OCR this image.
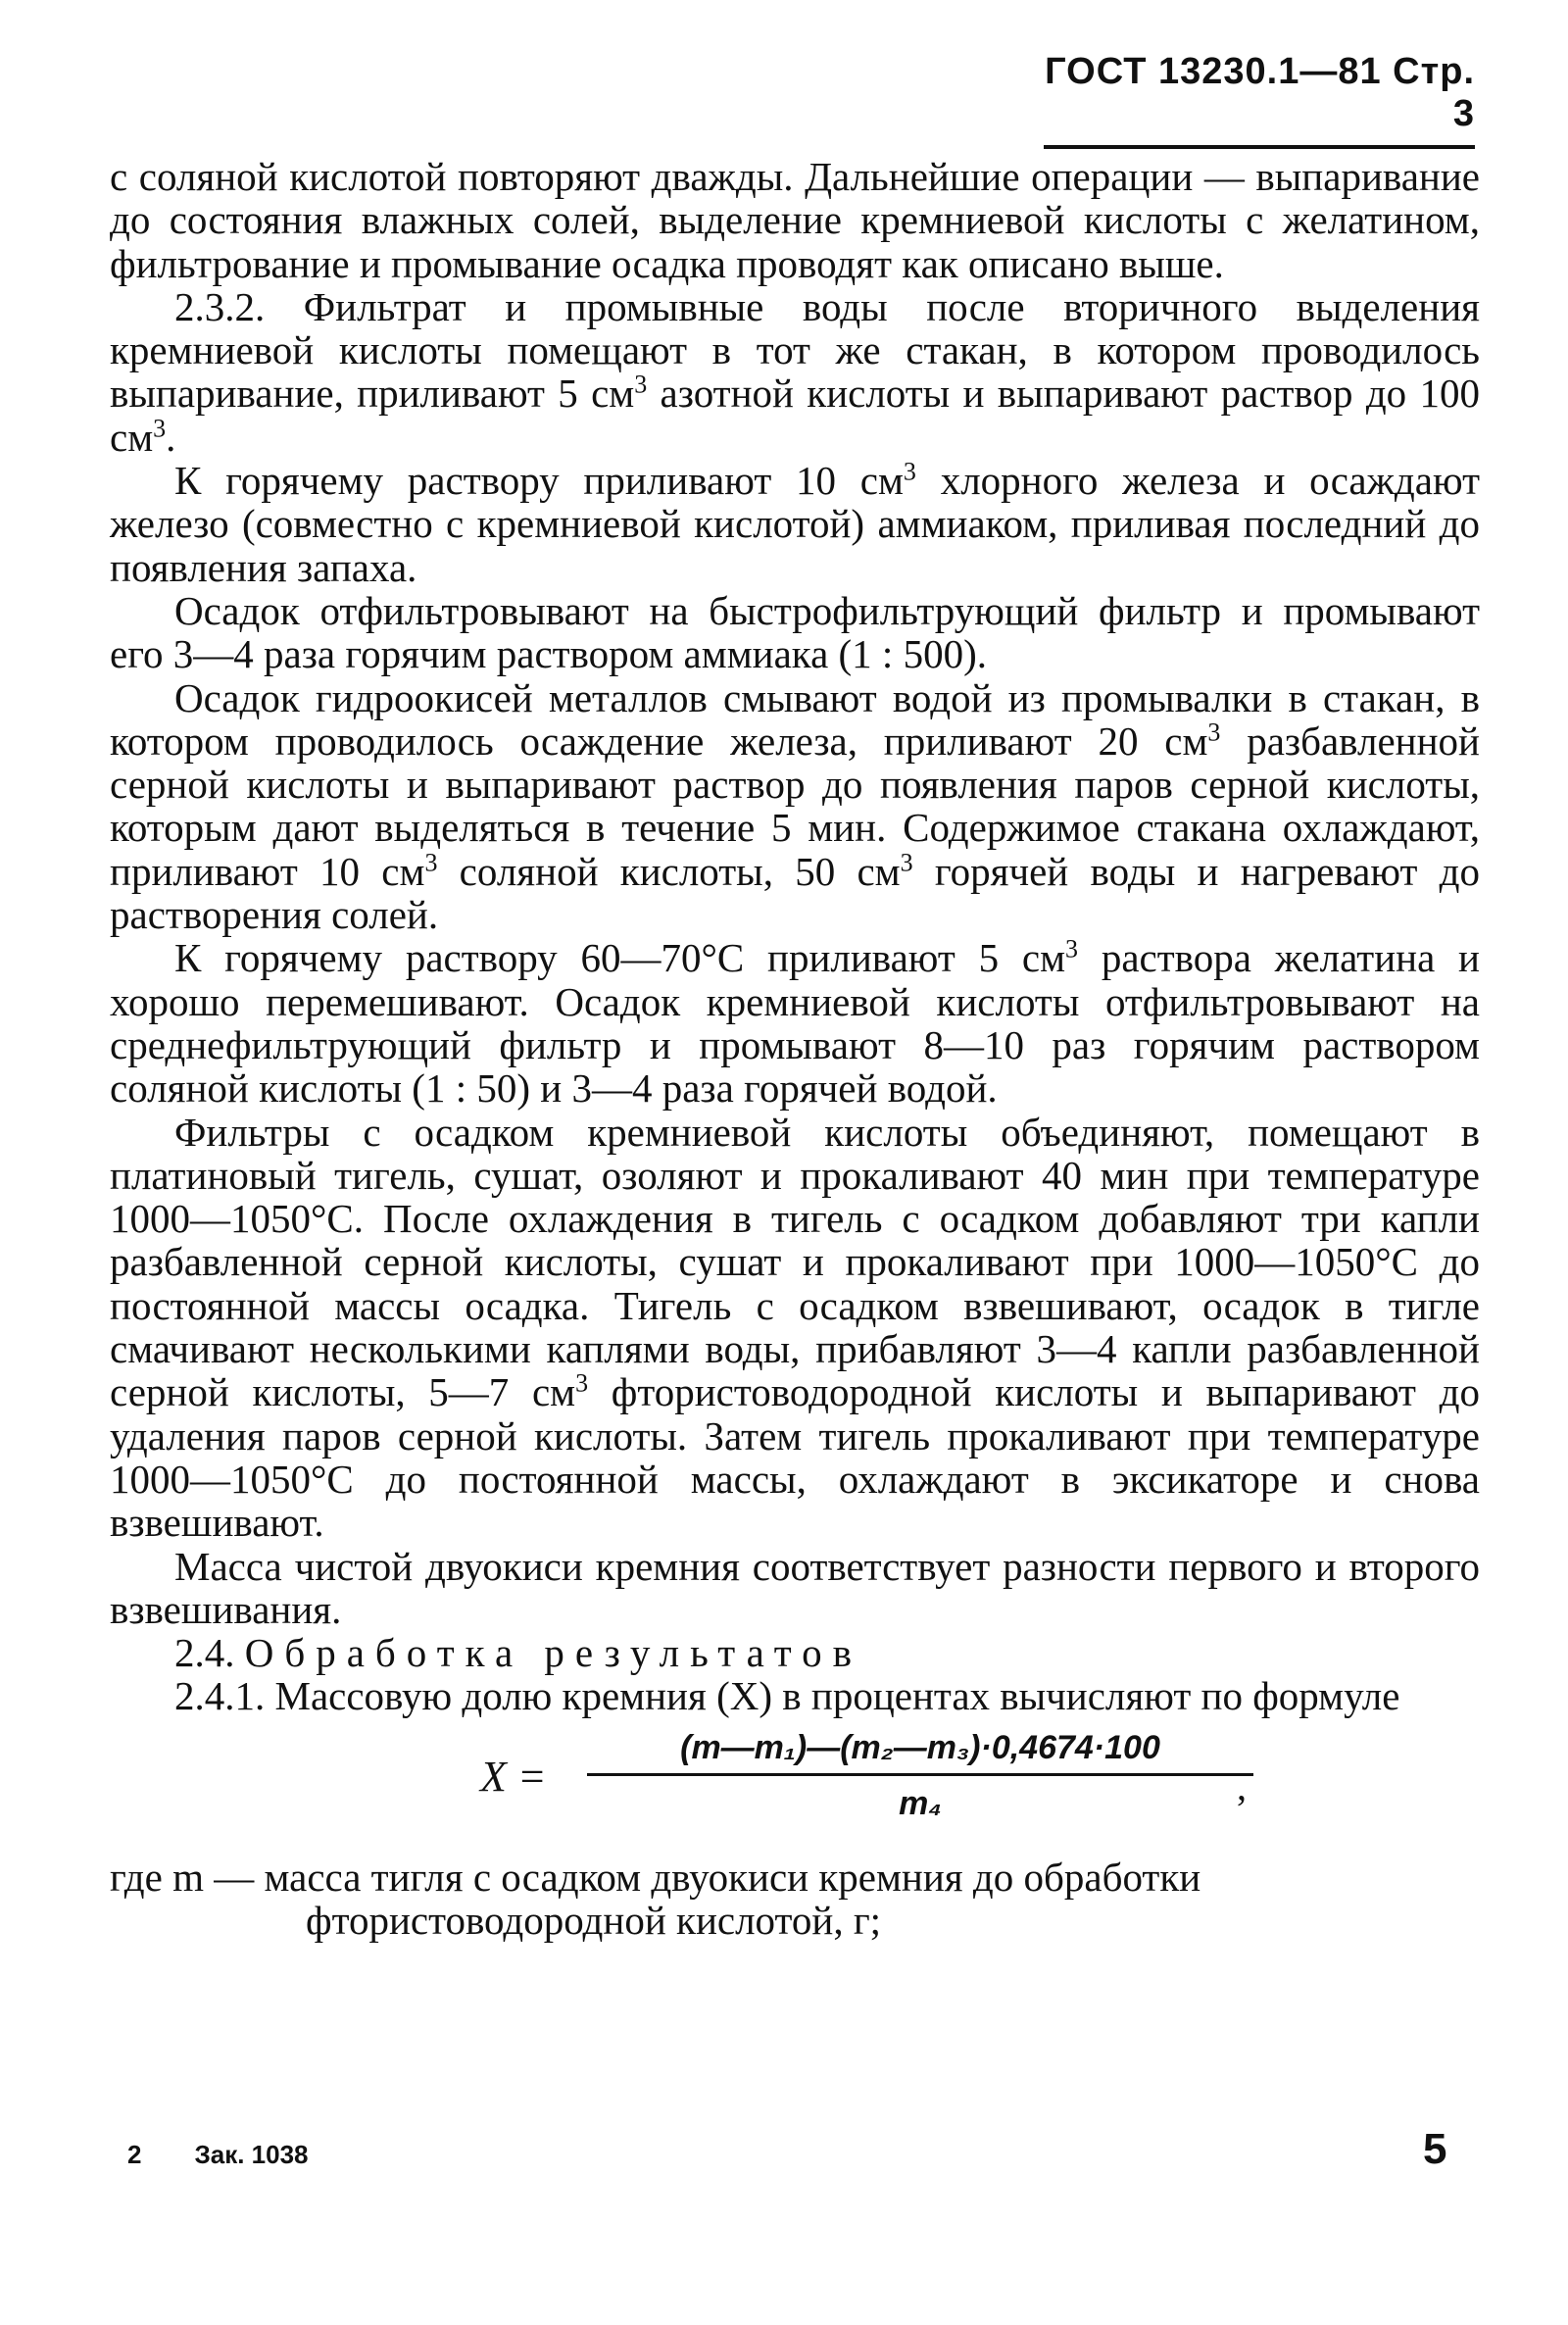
ГОСТ 13230.1—81 Стр. 3

с соляной кислотой повторяют дважды. Дальнейшие операции — выпаривание до состояния влажных солей, выделение кремниевой кислоты с желатином, фильтрование и промывание осадка проводят как описано выше.

2.3.2. Фильтрат и промывные воды после вторичного выделения кремниевой кислоты помещают в тот же стакан, в котором проводилось выпаривание, приливают 5 $см^3$ азотной кислоты и выпаривают раствор до 100 $см^3$.

К горячему раствору приливают 10 $см^3$ хлорного железа и осаждают железо (совместно с кремниевой кислотой) аммиаком, приливая последний до появления запаха.

Осадок отфильтровывают на быстрофильтрующий фильтр и промывают его 3—4 раза горячим раствором аммиака (1 : 500).

Осадок гидроокисей металлов смывают водой из промывалки в стакан, в котором проводилось осаждение железа, приливают 20 $см^3$ разбавленной серной кислоты и выпаривают раствор до появления паров серной кислоты, которым дают выделяться в течение 5 мин. Содержимое стакана охлаждают, приливают 10 $см^3$ соляной кислоты, 50 $см^3$ горячей воды и нагревают до растворения солей.

К горячему раствору 60—70°С приливают 5 $см^3$ раствора желатина и хорошо перемешивают. Осадок кремниевой кислоты отфильтровывают на среднефильтрующий фильтр и промывают 8—10 раз горячим раствором соляной кислоты (1 : 50) и 3—4 раза горячей водой.

Фильтры с осадком кремниевой кислоты объединяют, помещают в платиновый тигель, сушат, озоляют и прокаливают 40 мин при температуре 1000—1050°С. После охлаждения в тигель с осадком добавляют три капли разбавленной серной кислоты, сушат и прокаливают при 1000—1050°С до постоянной массы осадка. Тигель с осадком взвешивают, осадок в тигле смачивают несколькими каплями воды, прибавляют 3—4 капли разбавленной серной кислоты, 5—7 $см^3$ фтористоводородной кислоты и выпаривают до удаления паров серной кислоты. Затем тигель прокаливают при температуре 1000—1050°С до постоянной массы, охлаждают в эксикаторе и снова взвешивают.

Масса чистой двуокиси кремния соответствует разности первого и второго взвешивания.

2.4. Обработка результатов

2.4.1. Массовую долю кремния (X) в процентах вычисляют по формуле

$X = \frac{\text{(m—m₁)—(m₂—m₃)·0,4674·100}}{\text{m₄}}$
,
где m — масса тигля с осадком двуокиси кремния до обработки
фтористоводородной кислотой, г;
2 Зак. 1038	5
